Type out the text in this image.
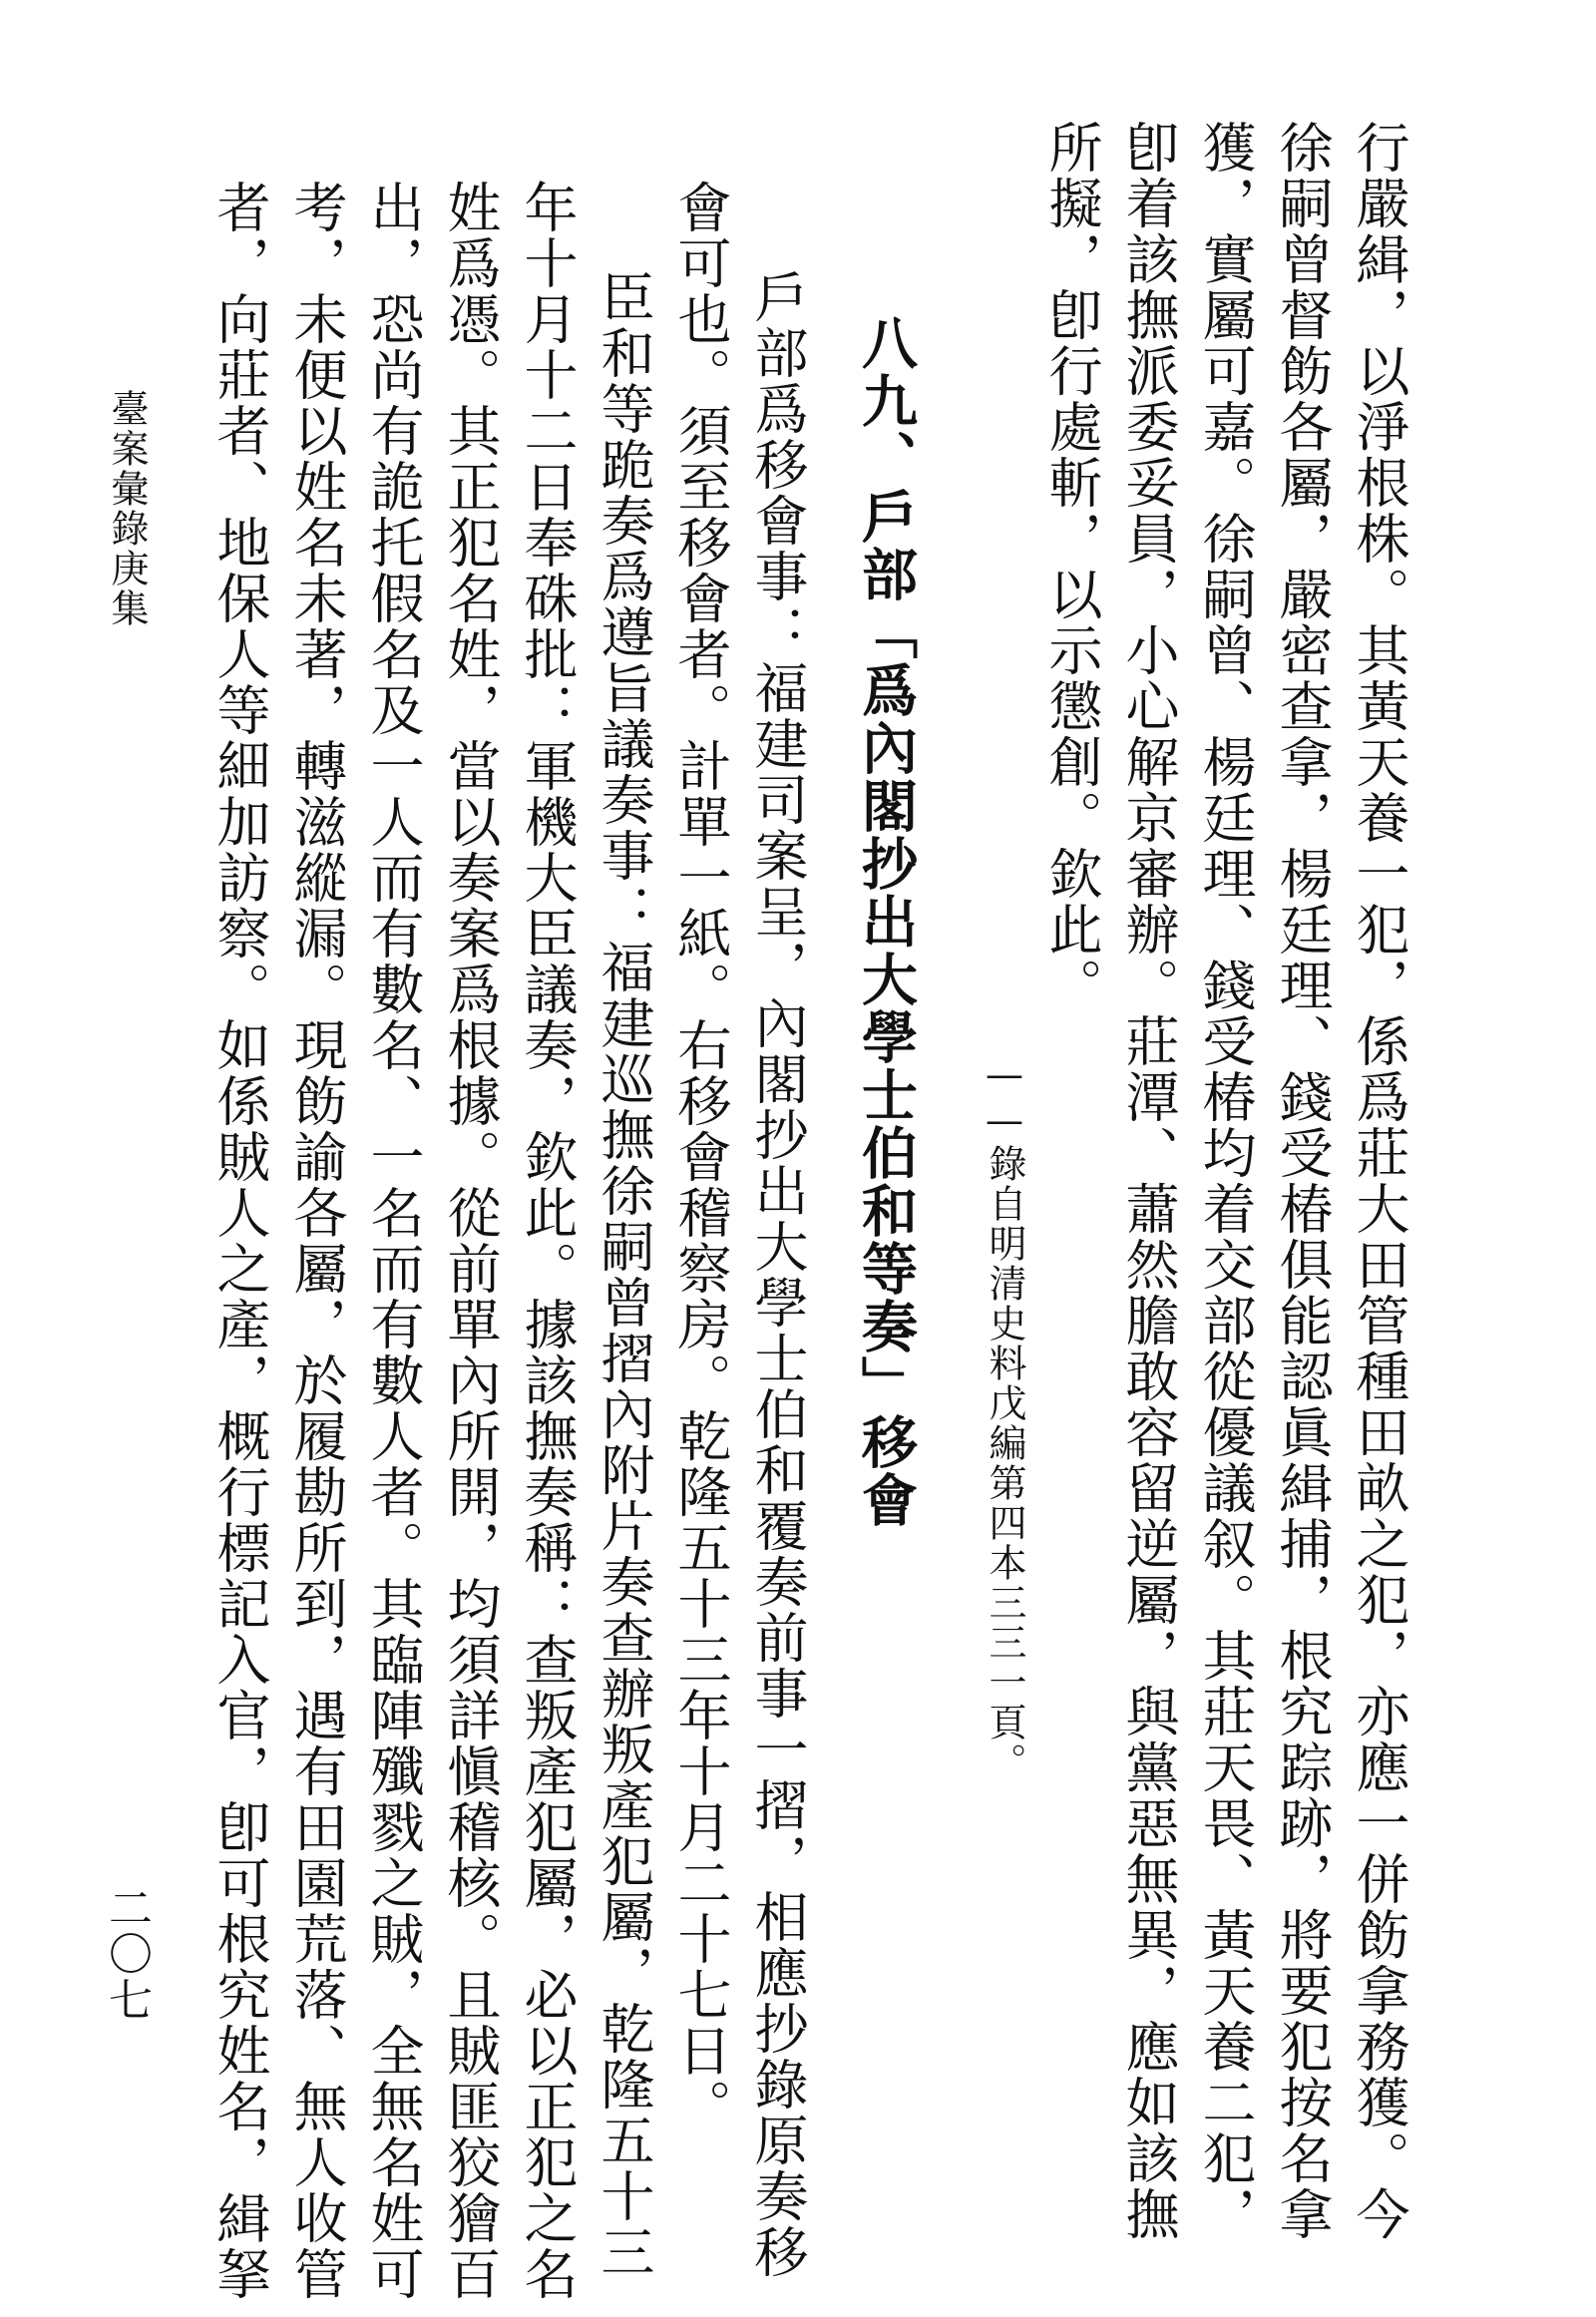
行嚴緝，以淨根株。其黃天養一犯，係爲莊大田管種田畝之犯，亦應一併飭拿務獲。今
徐嗣曾督飭各屬，嚴密查拿，楊廷理、錢受椿俱能認眞緝捕，根究踪跡，將要犯按名拿
獲，實屬可嘉。徐嗣曾、楊廷理、錢受椿均着交部從優議叙。其莊天畏、黃天養二犯，
卽着該撫派委妥員，小心解京審辦。莊潭、蕭然膽敢容留逆屬，與黨惡無異，應如該撫
所擬，卽行處斬，以示懲創。欽此。
——錄自明清史料戊編第四本三三一頁。
八九、戶部「爲內閣抄出大學士伯和等奏」移會
戶部爲移會事：福建司案呈，內閣抄出大學士伯和覆奏前事一摺，相應抄錄原奏移
會可也。須至移會者。計單一紙。右移會稽察房。乾隆五十三年十月二十七日。
臣和等跪奏爲遵旨議奏事：福建巡撫徐嗣曾摺內附片奏查辦叛產犯屬，乾隆五十三
年十月十二日奉硃批：軍機大臣議奏，欽此。據該撫奏稱：查叛產犯屬，必以正犯之名
姓爲憑。其正犯名姓，當以奏案爲根據。從前單內所開，均須詳愼稽核。且賊匪狡獪百
出，恐尚有詭托假名及一人而有數名、一名而有數人者。其臨陣殲戮之賊，全無名姓可
考，未便以姓名未著，轉滋縱漏。現飭諭各屬，於履勘所到，遇有田園荒落、無人收管
者，向莊者、地保人等細加訪察。如係賊人之產，概行標記入官，卽可根究姓名，緝拏
臺案彙錄庚集
二〇七
